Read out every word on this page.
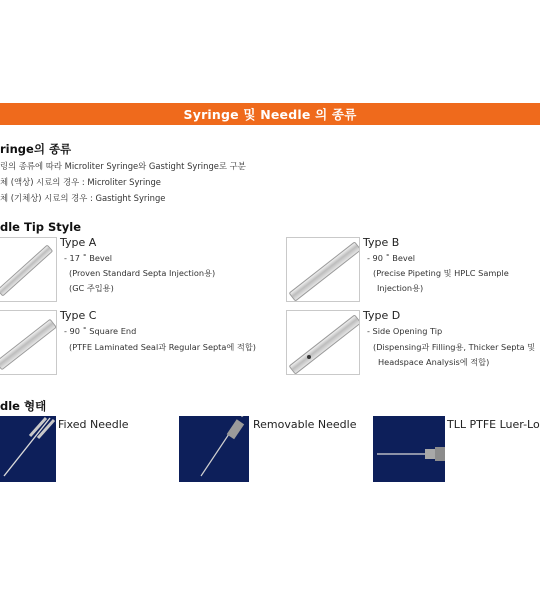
Syringe 및 Needle 의 종류
ringe의 종류
링의 종류에 따라 Microliter Syringe와 Gastight Syringe로 구분
체 (액상) 시료의 경우 : Microliter Syringe
체 (기체상) 시료의 경우 : Gastight Syringe
dle Tip Style
Type A
- 17 ˚ Bevel
(Proven Standard Septa Injection용)
(GC 주입용)
Type B
- 90 ˚ Bevel
(Precise Pipeting 및 HPLC Sample
Injection용)
Type C
- 90 ˚ Square End
(PTFE Laminated Seal과 Regular Septa에 적합)
Type D
- Side Opening Tip
(Dispensing과 Filling용, Thicker Septa 및
Headspace Analysis에 적합)
dle 형태
Fixed Needle	Removable Needle	TLL PTFE Luer-Lo
